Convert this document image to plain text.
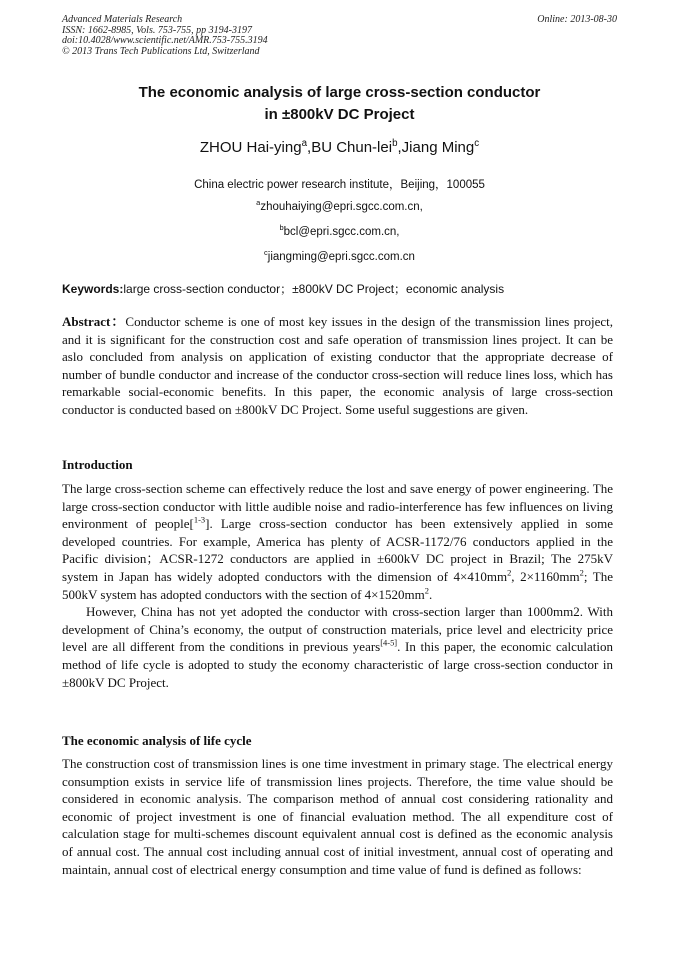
Advanced Materials Research
ISSN: 1662-8985, Vols. 753-755, pp 3194-3197
doi:10.4028/www.scientific.net/AMR.753-755.3194
© 2013 Trans Tech Publications Ltd, Switzerland
Online: 2013-08-30
The economic analysis of large cross-section conductor
in ±800kV DC Project
ZHOU Hai-ying$^a$,BU Chun-lei$^b$,Jiang Ming$^c$
China electric power research institute，Beijing，100055
$^a$zhouhaiying@epri.sgcc.com.cn,
$^b$bcl@epri.sgcc.com.cn,
$^c$jiangming@epri.sgcc.com.cn
Keywords:large cross-section conductor；±800kV DC Project；economic analysis
Abstract：Conductor scheme is one of most key issues in the design of the transmission lines project, and it is significant for the construction cost and safe operation of transmission lines project. It can be aslo concluded from analysis on application of existing conductor that the appropriate decrease of number of bundle conductor and increase of the conductor cross-section will reduce lines loss, which has remarkable social-economic benefits. In this paper, the economic analysis of large cross-section conductor is conducted based on ±800kV DC Project. Some useful suggestions are given.
Introduction

The large cross-section scheme can effectively reduce the lost and save energy of power engineering. The large cross-section conductor with little audible noise and radio-interference has few influences on living environment of people[$^{1-3}$]. Large cross-section conductor has been extensively applied in some developed countries. For example, America has plenty of ACSR-1172/76 conductors applied in the Pacific division；ACSR-1272 conductors are applied in ±600kV DC project in Brazil; The 275kV system in Japan has widely adopted conductors with the dimension of $4\times 410mm^2$, $2\times 1160mm^2$; The 500kV system has adopted conductors with the section of $4\times 1520mm^2$.

However, China has not yet adopted the conductor with cross-section larger than 1000mm2. With development of China’s economy, the output of construction materials, price level and electricity price level are all different from the conditions in previous years[4-5]. In this paper, the economic calculation method of life cycle is adopted to study the economy characteristic of large cross-section conductor in ±800kV DC Project.

The economic analysis of life cycle
The construction cost of transmission lines is one time investment in primary stage. The electrical energy consumption exists in service life of transmission lines projects. Therefore, the time value should be considered in economic analysis. The comparison method of annual cost considering rationality and economic of project investment is one of financial evaluation method. The all expenditure cost of calculation stage for multi-schemes discount equivalent annual cost is defined as the economic analysis of annual cost. The annual cost including annual cost of initial investment, annual cost of operating and maintain, annual cost of electrical energy consumption and time value of fund is defined as follows:
